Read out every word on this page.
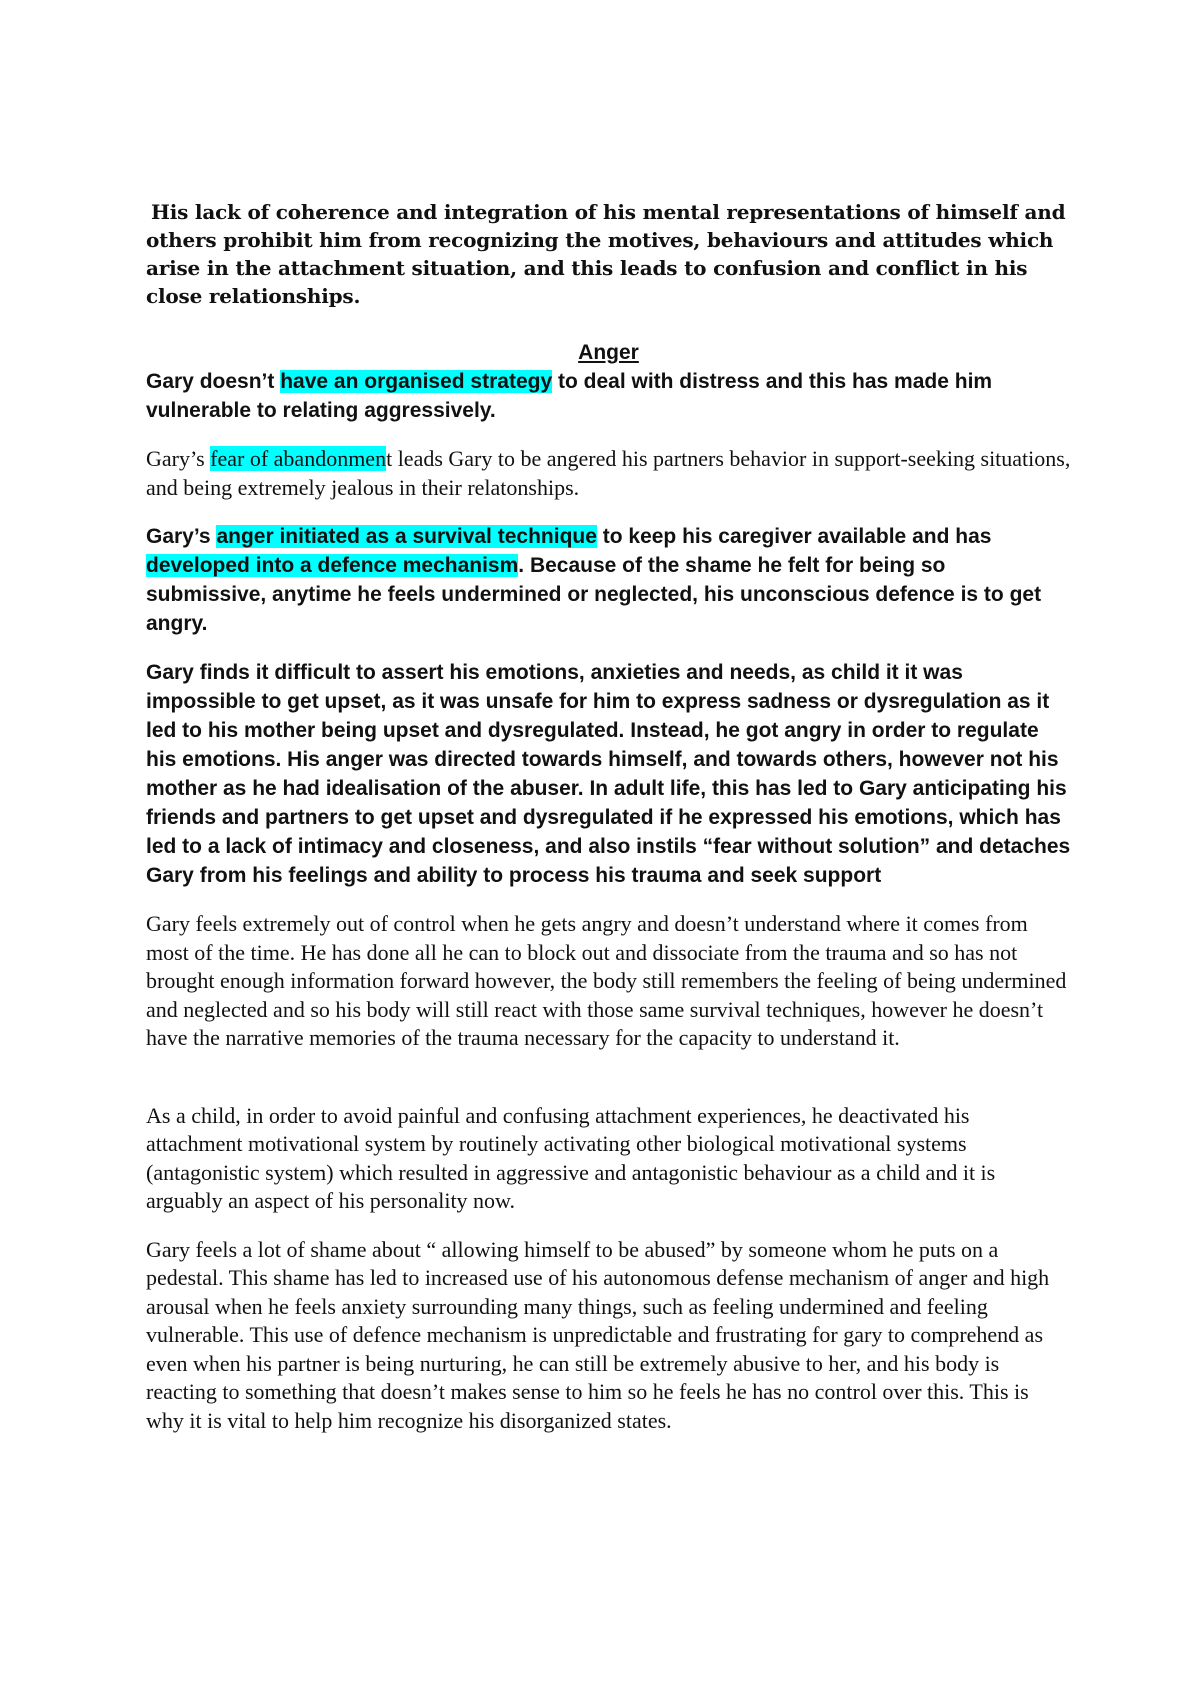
His lack of coherence and integration of his mental representations of himself and others prohibit him from recognizing the motives, behaviours and attitudes which arise in the attachment situation, and this leads to confusion and conflict in his close relationships.

Anger

Gary doesn’t have an organised strategy to deal with distress and this has made him vulnerable to relating aggressively.

Gary’s fear of abandonment leads Gary to be angered his partners behavior in support-seeking situations, and being extremely jealous in their relatonships.

Gary’s anger initiated as a survival technique to keep his caregiver available and has developed into a defence mechanism. Because of the shame he felt for being so submissive, anytime he feels undermined or neglected, his unconscious defence is to get angry.

Gary finds it difficult to assert his emotions, anxieties and needs, as child it it was impossible to get upset, as it was unsafe for him to express sadness or dysregulation as it led to his mother being upset and dysregulated. Instead, he got angry in order to regulate his emotions. His anger was directed towards himself, and towards others, however not his mother as he had idealisation of the abuser. In adult life, this has led to Gary anticipating his friends and partners to get upset and dysregulated if he expressed his emotions, which has led to a lack of intimacy and closeness, and also instils “fear without solution” and detaches Gary from his feelings and ability to process his trauma and seek support

Gary feels extremely out of control when he gets angry and doesn’t understand where it comes from most of the time. He has done all he can to block out and dissociate from the trauma and so has not brought enough information forward however, the body still remembers the feeling of being undermined and neglected and so his body will still react with those same survival techniques, however he doesn’t have the narrative memories of the trauma necessary for the capacity to understand it.

As a child, in order to avoid painful and confusing attachment experiences, he deactivated his attachment motivational system by routinely activating other biological motivational systems (antagonistic system) which resulted in aggressive and antagonistic behaviour as a child and it is arguably an aspect of his personality now.

Gary feels a lot of shame about “ allowing himself to be abused” by someone whom he puts on a pedestal. This shame has led to increased use of his autonomous defense mechanism of anger and high arousal when he feels anxiety surrounding many things, such as feeling undermined and feeling vulnerable. This use of defence mechanism is unpredictable and frustrating for gary to comprehend as even when his partner is being nurturing, he can still be extremely abusive to her, and his body is reacting to something that doesn’t makes sense to him so he feels he has no control over this. This is why it is vital to help him recognize his disorganized states.
